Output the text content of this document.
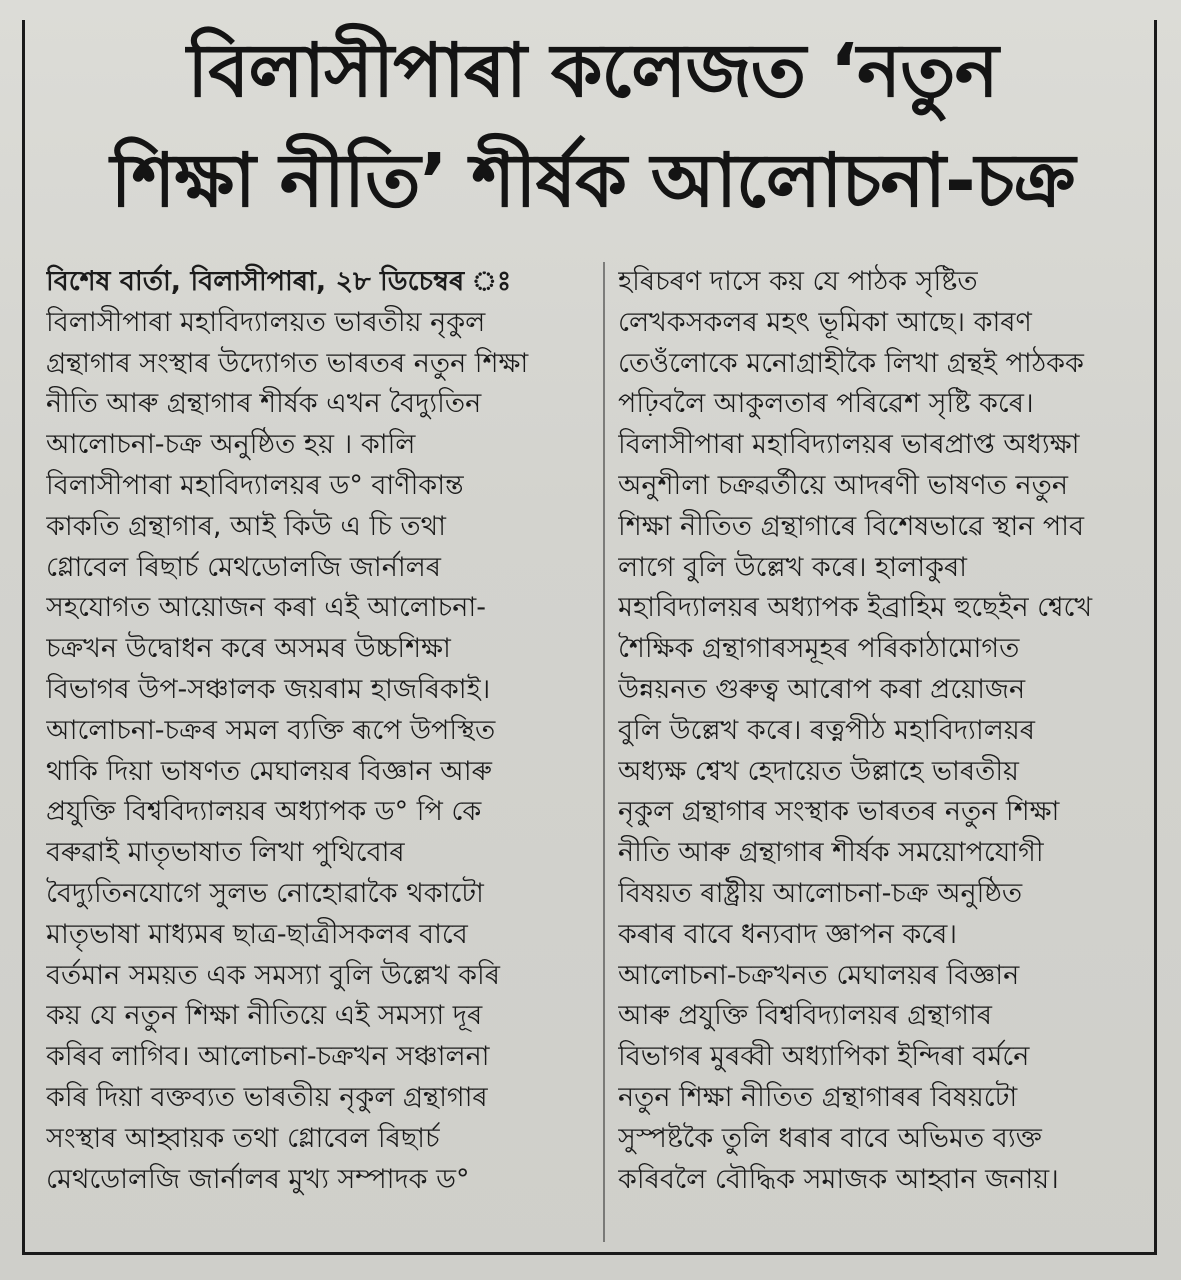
বিলাসীপাৰা কলেজত ‘নতুন
শিক্ষা নীতি’ শীৰ্ষক আলোচনা-চক্ৰ
বিশেষ বাৰ্তা, বিলাসীপাৰা, ২৮ ডিচেম্বৰ ঃ
বিলাসীপাৰা মহাবিদ্যালয়ত ভাৰতীয় নৃকুল
গ্ৰন্থাগাৰ সংস্থাৰ উদ্যোগত ভাৰতৰ নতুন শিক্ষা
নীতি আৰু গ্ৰন্থাগাৰ শীৰ্ষক এখন বৈদ্যুতিন
আলোচনা-চক্ৰ অনুষ্ঠিত হয় । কালি
বিলাসীপাৰা মহাবিদ্যালয়ৰ ড° বাণীকান্ত
কাকতি গ্ৰন্থাগাৰ, আই কিউ এ চি তথা
গ্লোবেল ৰিছাৰ্চ মেথডোলজি জাৰ্নালৰ
সহযোগত আয়োজন কৰা এই আলোচনা-
চক্ৰখন উদ্বোধন কৰে অসমৰ উচ্চশিক্ষা
বিভাগৰ উপ-সঞ্চালক জয়ৰাম হাজৰিকাই।
আলোচনা-চক্ৰৰ সমল ব্যক্তি ৰূপে উপস্থিত
থাকি দিয়া ভাষণত মেঘালয়ৰ বিজ্ঞান আৰু
প্ৰযুক্তি বিশ্ববিদ্যালয়ৰ অধ্যাপক ড° পি কে
বৰুৱাই মাতৃভাষাত লিখা পুথিবোৰ
বৈদ্যুতিনযোগে সুলভ নোহোৱাকৈ থকাটো
মাতৃভাষা মাধ্যমৰ ছাত্ৰ-ছাত্ৰীসকলৰ বাবে
বৰ্তমান সময়ত এক সমস্যা বুলি উল্লেখ কৰি
কয় যে নতুন শিক্ষা নীতিয়ে এই সমস্যা দূৰ
কৰিব লাগিব। আলোচনা-চক্ৰখন সঞ্চালনা
কৰি দিয়া বক্তব্যত ভাৰতীয় নৃকুল গ্ৰন্থাগাৰ
সংস্থাৰ আহ্বায়ক তথা গ্লোবেল ৰিছাৰ্চ
মেথডোলজি জাৰ্নালৰ মুখ্য সম্পাদক ড°
হৰিচৰণ দাসে কয় যে পাঠক সৃষ্টিত
লেখকসকলৰ মহৎ ভূমিকা আছে। কাৰণ
তেওঁলোকে মনোগ্ৰাহীকৈ লিখা গ্ৰন্থই পাঠকক
পঢ়িবলৈ আকুলতাৰ পৰিৱেশ সৃষ্টি কৰে।
বিলাসীপাৰা মহাবিদ্যালয়ৰ ভাৰপ্ৰাপ্ত অধ্যক্ষা
অনুশীলা চক্ৰৱৰ্তীয়ে আদৰণী ভাষণত নতুন
শিক্ষা নীতিত গ্ৰন্থাগাৰে বিশেষভাৱে স্থান পাব
লাগে বুলি উল্লেখ কৰে। হালাকুৰা
মহাবিদ্যালয়ৰ অধ্যাপক ইব্ৰাহিম হুছেইন শ্বেখে
শৈক্ষিক গ্ৰন্থাগাৰসমূহৰ পৰিকাঠামোগত
উন্নয়নত গুৰুত্ব আৰোপ কৰা প্ৰয়োজন
বুলি উল্লেখ কৰে। ৰত্নপীঠ মহাবিদ্যালয়ৰ
অধ্যক্ষ শ্বেখ হেদায়েত উল্লাহে ভাৰতীয়
নৃকুল গ্ৰন্থাগাৰ সংস্থাক ভাৰতৰ নতুন শিক্ষা
নীতি আৰু গ্ৰন্থাগাৰ শীৰ্ষক সময়োপযোগী
বিষয়ত ৰাষ্ট্ৰীয় আলোচনা-চক্ৰ অনুষ্ঠিত
কৰাৰ বাবে ধন্যবাদ জ্ঞাপন কৰে।
আলোচনা-চক্ৰখনত মেঘালয়ৰ বিজ্ঞান
আৰু প্ৰযুক্তি বিশ্ববিদ্যালয়ৰ গ্ৰন্থাগাৰ
বিভাগৰ মুৰব্বী অধ্যাপিকা ইন্দিৰা বৰ্মনে
নতুন শিক্ষা নীতিত গ্ৰন্থাগাৰৰ বিষয়টো
সুস্পষ্টকৈ তুলি ধৰাৰ বাবে অভিমত ব্যক্ত
কৰিবলৈ বৌদ্ধিক সমাজক আহ্বান জনায়।
